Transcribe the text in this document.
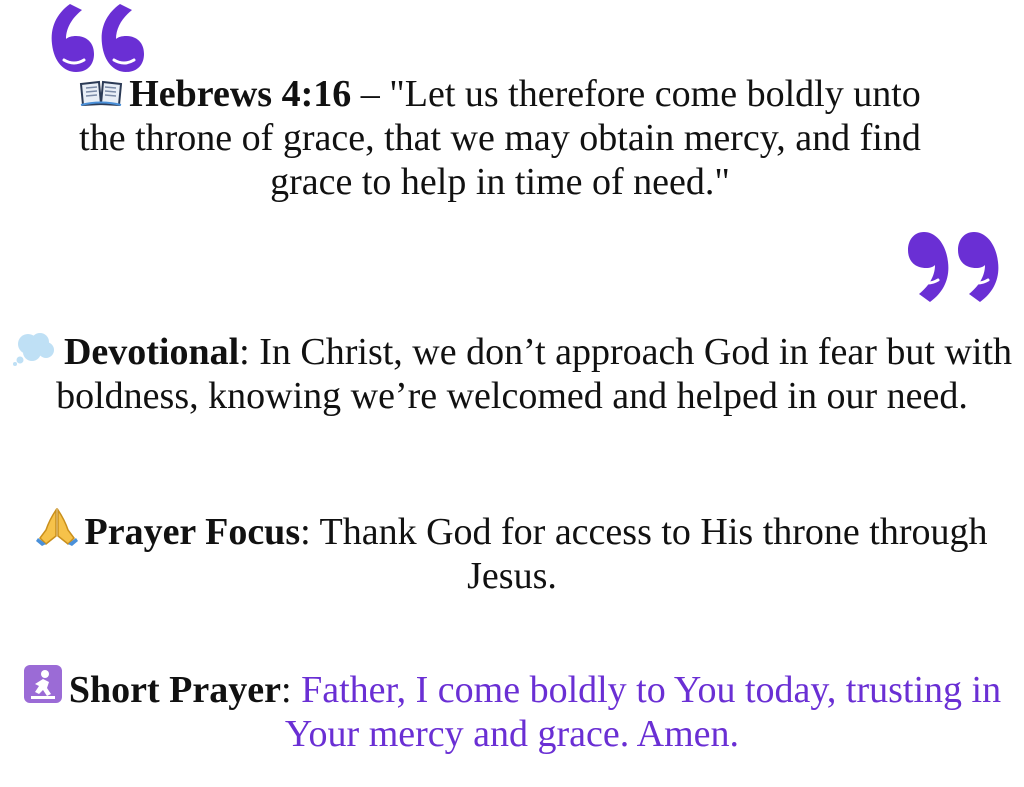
Hebrews 4:16 – "Let us therefore come boldly unto the throne of grace, that we may obtain mercy, and find grace to help in time of need."
Devotional: In Christ, we don’t approach God in fear but with boldness, knowing we’re welcomed and helped in our need.
Prayer Focus: Thank God for access to His throne through Jesus.
Short Prayer: Father, I come boldly to You today, trusting in Your mercy and grace. Amen.
